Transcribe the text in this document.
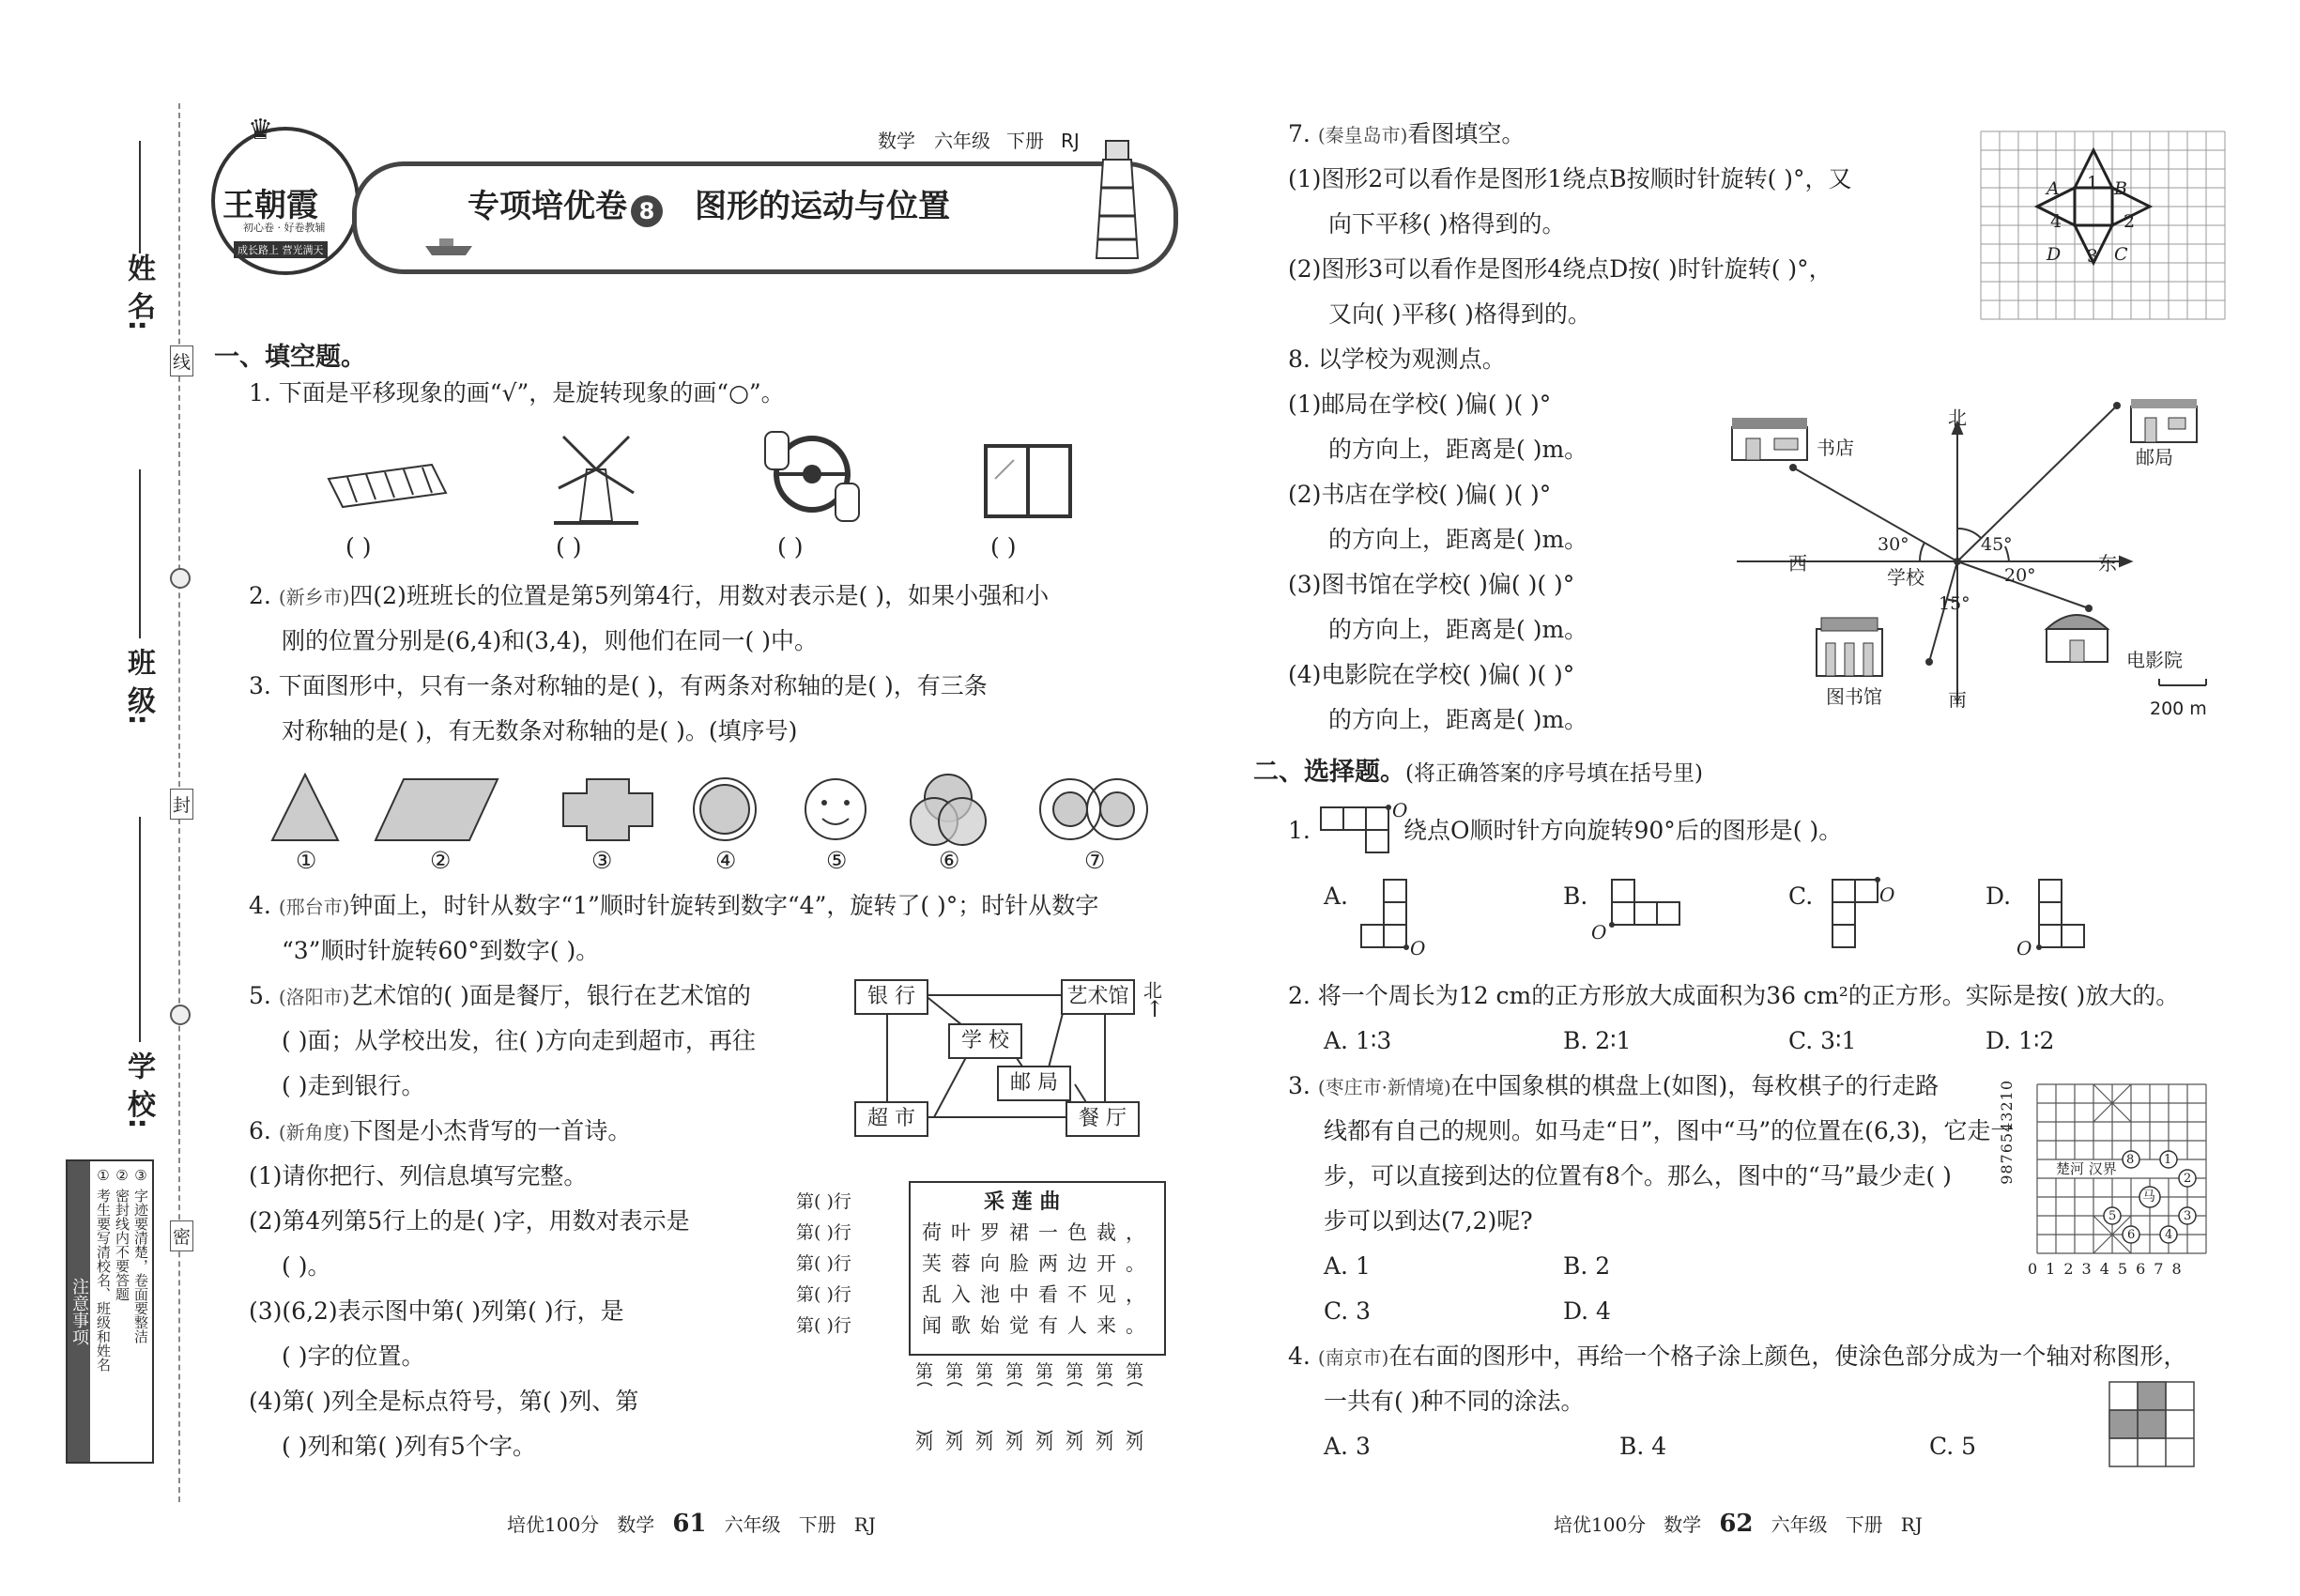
姓 名:
班 级:
学 校:
线
封
密
注意事项 ① 考生要写清校名、班级和姓名 ② 密封线内不要答题 ③ 字迹要清楚，卷面要整洁
♛
王朝霞
初心卷 · 好卷教辅
成长路上 营光满天
数学 六年级 下册 RJ
专项培优卷 8 图形的运动与位置
一、填空题。
1. 下面是平移现象的画“√”，是旋转现象的画“○”。
( )	( )	( )	( )
2. (新乡市)四(2)班班长的位置是第5列第4行，用数对表示是( )，如果小强和小
刚的位置分别是(6,4)和(3,4)，则他们在同一( )中。
3. 下面图形中，只有一条对称轴的是( )，有两条对称轴的是( )，有三条
对称轴的是( )，有无数条对称轴的是( )。(填序号)
①	②	③	④	⑤	⑥	⑦
4. (邢台市)钟面上，时针从数字“1”顺时针旋转到数字“4”，旋转了( )°；时针从数字
“3”顺时针旋转60°到数字( )。
5. (洛阳市)艺术馆的( )面是餐厅，银行在艺术馆的
( )面；从学校出发，往( )方向走到超市，再往
( )走到银行。
银 行	艺术馆
学 校
邮 局
超 市	餐 厅
北
↑
6. (新角度)下图是小杰背写的一首诗。
(1)请你把行、列信息填写完整。
(2)第4列第5行上的是( )字，用数对表示是
( )。
(3)(6,2)表示图中第( )列第( )行，是
( )字的位置。
(4)第( )列全是标点符号，第( )列、第
( )列和第( )列有5个字。
第( )行
第( )行
第( )行
第( )行
第( )行
采 莲 曲
荷叶罗裙一色裁，
芙蓉向脸两边开。
乱入池中看不见，
闻歌始觉有人来。
第 第 第 第 第 第 第 第
列 列 列 列 列 列 列 列
7. (秦皇岛市)看图填空。
(1)图形2可以看作是图形1绕点B按顺时针旋转( )°，又
向下平移( )格得到的。
(2)图形3可以看作是图形4绕点D按( )时针旋转( )°，
又向( )平移( )格得到的。
A	B
C
D
1
2
3
4
8. 以学校为观测点。
(1)邮局在学校( )偏( )( )°
的方向上，距离是( )m。
(2)书店在学校( )偏( )( )°
的方向上，距离是( )m。
(3)图书馆在学校( )偏( )( )°
的方向上，距离是( )m。
(4)电影院在学校( )偏( )( )°
的方向上，距离是( )m。
北
南
东
西
学校
30°	45°
20°
15°
200 m
书店	邮局
图书馆
电影院
二、选择题。(将正确答案的序号填在括号里)
1.
O
绕点O顺时针方向旋转90°后的图形是( )。
A.
O
B.
O
C.	O	D.
O
2. 将一个周长为12 cm的正方形放大成面积为36 cm²的正方形。实际是按( )放大的。
A. 1∶3	B. 2∶1	C. 3∶1	D. 1∶2
3. (枣庄市·新情境)在中国象棋的棋盘上(如图)，每枚棋子的行走路
线都有自己的规则。如马走“日”，图中“马”的位置在(6,3)，它走一
步，可以直接到达的位置有8个。那么，图中的“马”最少走( )
步可以到达(7,2)呢?
A. 1	B. 2
C. 3	D. 4
9876543210
012345678
楚河 汉界
马
8 1
2
3
4
6
5
4. (南京市)在右面的图形中，再给一个格子涂上颜色，使涂色部分成为一个轴对称图形，
一共有( )种不同的涂法。
A. 3	B. 4	C. 5
培优100分 数学 61 六年级 下册 RJ	培优100分 数学 62 六年级 下册 RJ
